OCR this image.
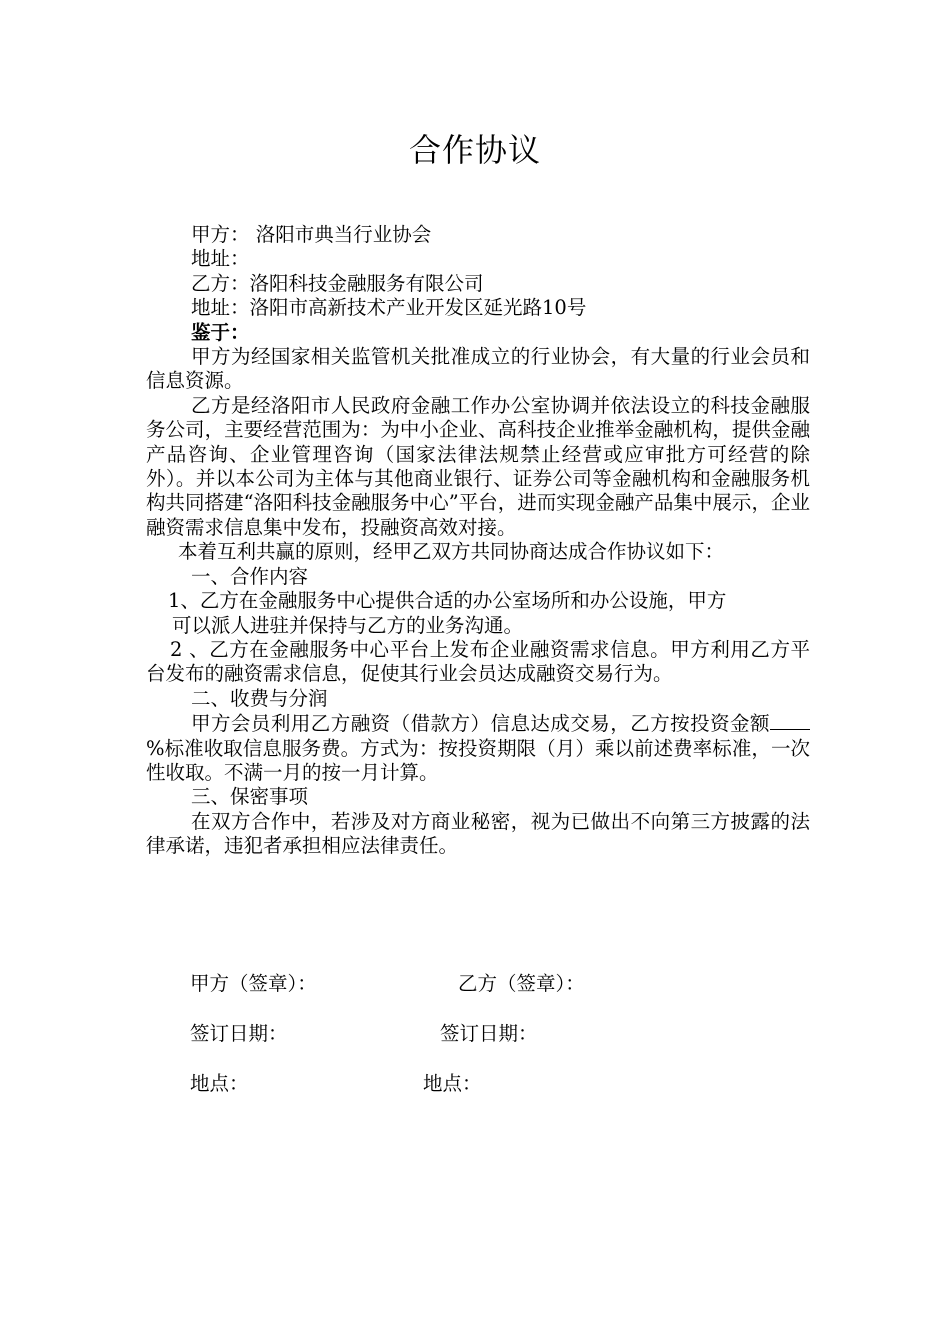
合作协议

甲方： 洛阳市典当行业协会

地址：

乙方：洛阳科技金融服务有限公司

地址：洛阳市高新技术产业开发区延光路10号

鉴于：

甲方为经国家相关监管机关批准成立的行业协会，有大量的行业会员和信息资源。

乙方是经洛阳市人民政府金融工作办公室协调并依法设立的科技金融服务公司，主要经营范围为：为中小企业、高科技企业推举金融机构，提供金融产品咨询、企业管理咨询（国家法律法规禁止经营或应审批方可经营的除外）。并以本公司为主体与其他商业银行、证券公司等金融机构和金融服务机构共同搭建“洛阳科技金融服务中心”平台，进而实现金融产品集中展示，企业融资需求信息集中发布，投融资高效对接。

本着互利共赢的原则，经甲乙双方共同协商达成合作协议如下：

一、合作内容

1、乙方在金融服务中心提供合适的办公室场所和办公设施，甲方

可以派人进驻并保持与乙方的业务沟通。

2 、乙方在金融服务中心平台上发布企业融资需求信息。甲方利用乙方平台发布的融资需求信息，促使其行业会员达成融资交易行为。

二、收费与分润

甲方会员利用乙方融资（借款方）信息达成交易，乙方按投资金额%标准收取信息服务费。方式为：按投资期限（月）乘以前述费率标准，一次性收取。不满一月的按一月计算。

三、保密事项

在双方合作中，若涉及对方商业秘密，视为已做出不向第三方披露的法律承诺，违犯者承担相应法律责任。

甲方（签章）：	乙方（签章）：
签订日期：	签订日期：
地点：	地点：
